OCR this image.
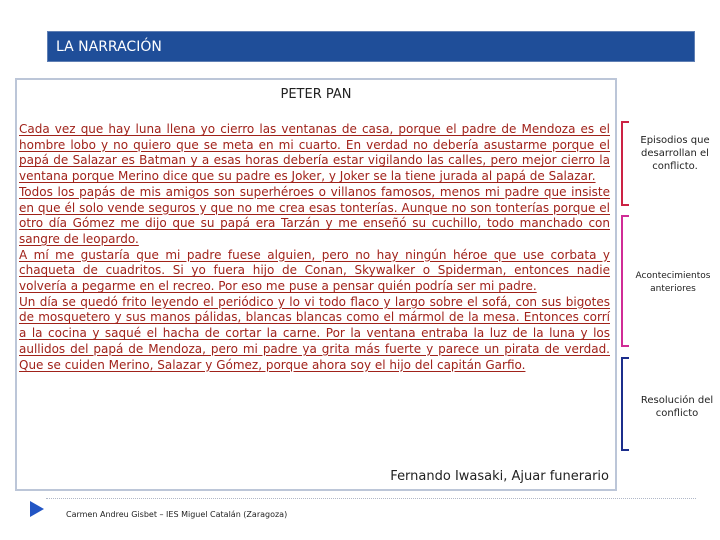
LA NARRACIÓN
PETER PAN

Cada vez que hay luna llena yo cierro las ventanas de casa, porque el padre de Mendoza es el hombre lobo y no quiero que se meta en mi cuarto. En verdad no debería asustarme porque el papá de Salazar es Batman y a esas horas debería estar vigilando las calles, pero mejor cierro la ventana porque Merino dice que su padre es Joker, y Joker se la tiene jurada al papá de Salazar.

Todos los papás de mis amigos son superhéroes o villanos famosos, menos mi padre que insiste en que él solo vende seguros y que no me crea esas tonterías. Aunque no son tonterías porque el otro día Gómez me dijo que su papá era Tarzán y me enseñó su cuchillo, todo manchado con sangre de leopardo.

A mí me gustaría que mi padre fuese alguien, pero no hay ningún héroe que use corbata y chaqueta de cuadritos. Si yo fuera hijo de Conan, Skywalker o Spiderman, entonces nadie volvería a pegarme en el recreo. Por eso me puse a pensar quién podría ser mi padre.

Un día se quedó frito leyendo el periódico y lo vi todo flaco y largo sobre el sofá, con sus bigotes de mosquetero y sus manos pálidas, blancas blancas como el mármol de la mesa. Entonces corrí a la cocina y saqué el hacha de cortar la carne. Por la ventana entraba la luz de la luna y los aullidos del papá de Mendoza, pero mi padre ya grita más fuerte y parece un pirata de verdad. Que se cuiden Merino, Salazar y Gómez, porque ahora soy el hijo del capitán Garfio.

Fernando Iwasaki, Ajuar funerario
Episodios que desarrollan el conflicto.
Acontecimientos anteriores
Resolución del conflicto
Carmen Andreu Gisbet – IES Miguel Catalán (Zaragoza)
